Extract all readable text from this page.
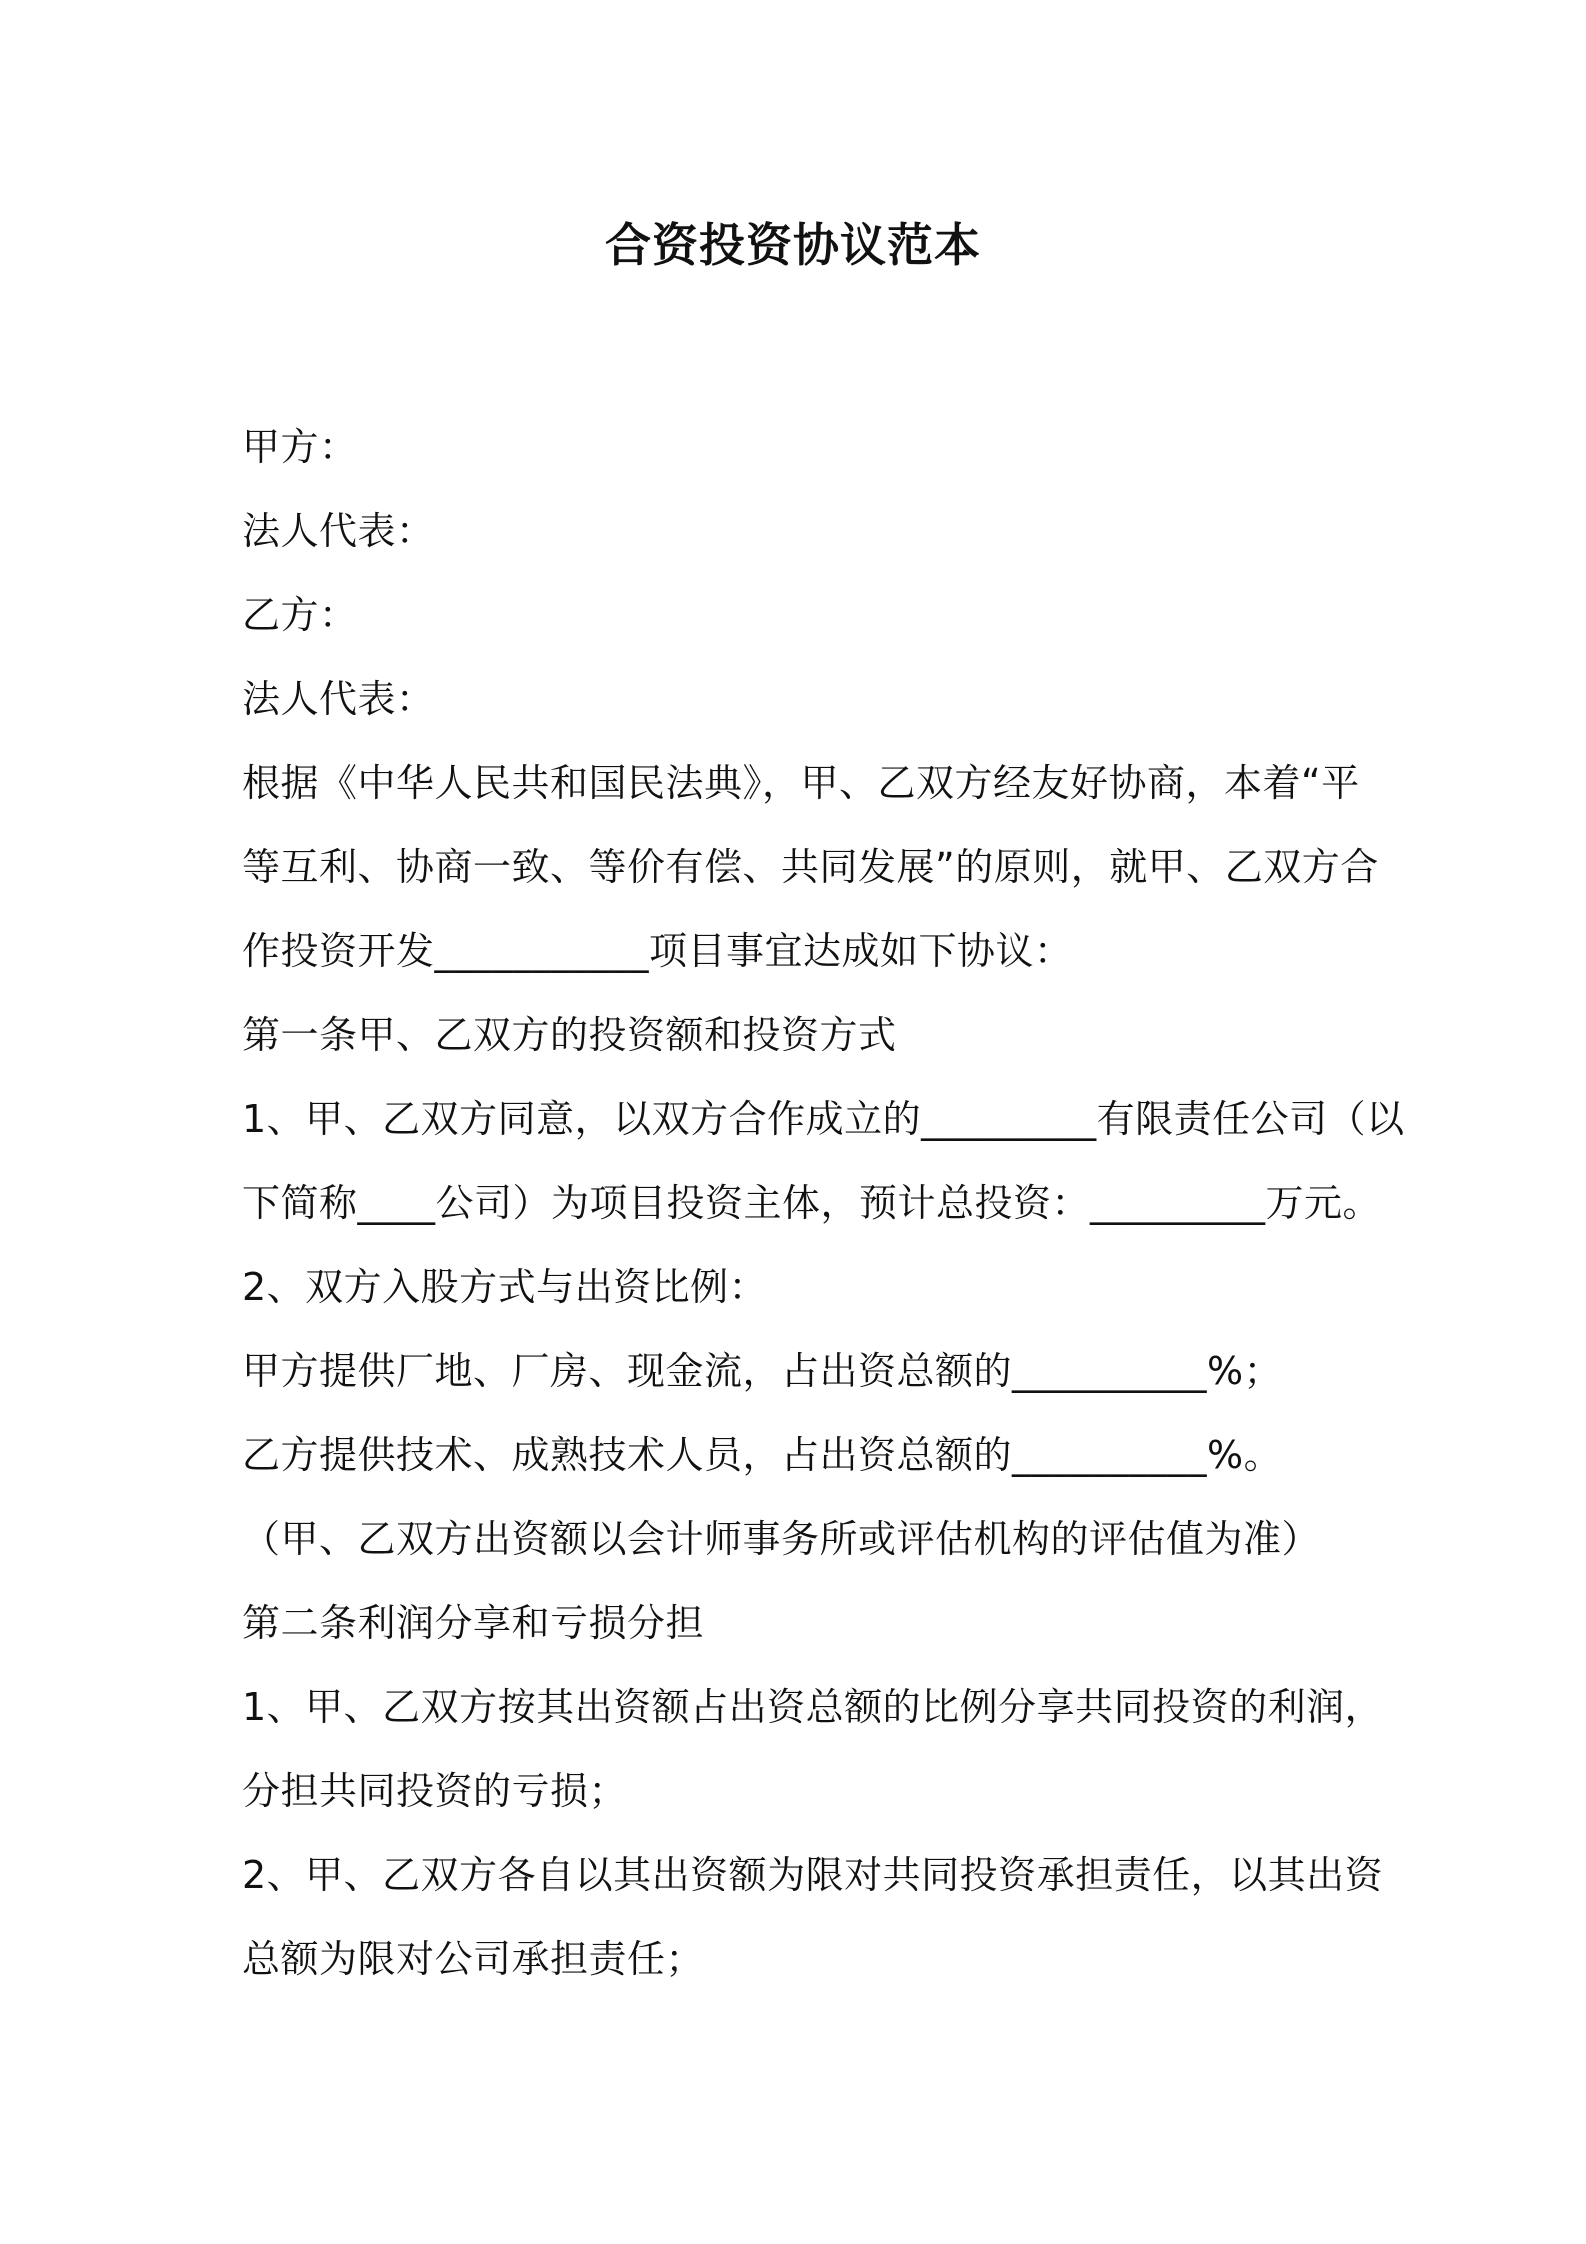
合资投资协议范本
甲方：
法人代表：
乙方：
法人代表：
根据《中华人民共和国民法典》，甲、乙双方经友好协商，本着“平
等互利、协商一致、等价有偿、共同发展”的原则，就甲、乙双方合
作投资开发___________项目事宜达成如下协议：
第一条甲、乙双方的投资额和投资方式
1、甲、乙双方同意，以双方合作成立的_________有限责任公司（以
下简称____公司）为项目投资主体，预计总投资：_________万元。
2、双方入股方式与出资比例：
甲方提供厂地、厂房、现金流，占出资总额的__________%；
乙方提供技术、成熟技术人员，占出资总额的__________%。
（甲、乙双方出资额以会计师事务所或评估机构的评估值为准）
第二条利润分享和亏损分担
1、甲、乙双方按其出资额占出资总额的比例分享共同投资的利润，
分担共同投资的亏损；
2、甲、乙双方各自以其出资额为限对共同投资承担责任，以其出资
总额为限对公司承担责任；
